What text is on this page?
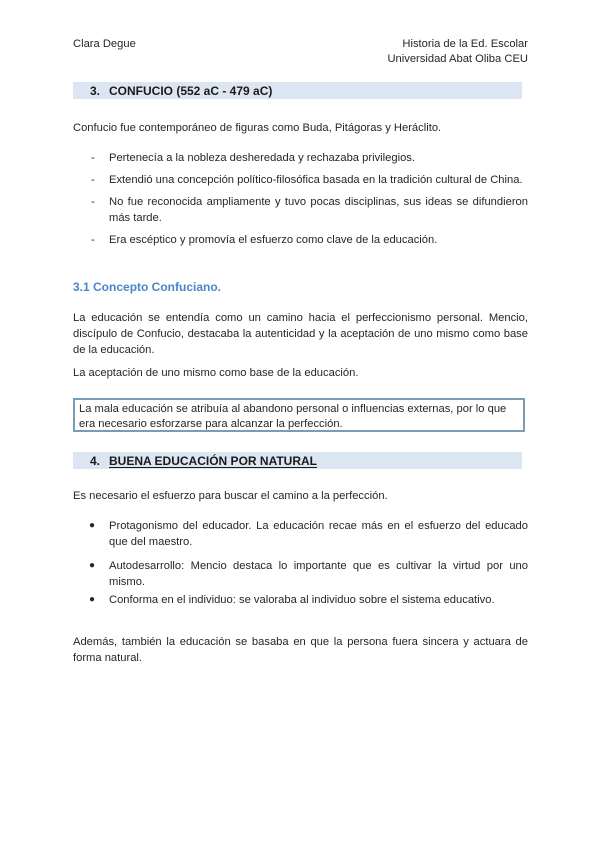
Clara Degue	Historia de la Ed. Escolar
Universidad Abat Oliba CEU
3. CONFUCIO (552 aC - 479 aC)
Confucio fue contemporáneo de figuras como Buda, Pitágoras y Heráclito.
- Pertenecía a la nobleza desheredada y rechazaba privilegios.
- Extendió una concepción político-filosófica basada en la tradición cultural de China.
- No fue reconocida ampliamente y tuvo pocas disciplinas, sus ideas se difundieron más tarde.
- Era escéptico y promovía el esfuerzo como clave de la educación.
3.1 Concepto Confuciano.
La educación se entendía como un camino hacia el perfeccionismo personal. Mencio, discípulo de Confucio, destacaba la autenticidad y la aceptación de uno mismo como base de la educación.
La aceptación de uno mismo como base de la educación.
La mala educación se atribuía al abandono personal o influencias externas, por lo que era necesario esforzarse para alcanzar la perfección.
4. BUENA EDUCACIÓN POR NATURAL
Es necesario el esfuerzo para buscar el camino a la perfección.
● Protagonismo del educador. La educación recae más en el esfuerzo del educado que del maestro.
● Autodesarrollo: Mencio destaca lo importante que es cultivar la virtud por uno mismo.
● Conforma en el individuo: se valoraba al individuo sobre el sistema educativo.
Además, también la educación se basaba en que la persona fuera sincera y actuara de forma natural.
